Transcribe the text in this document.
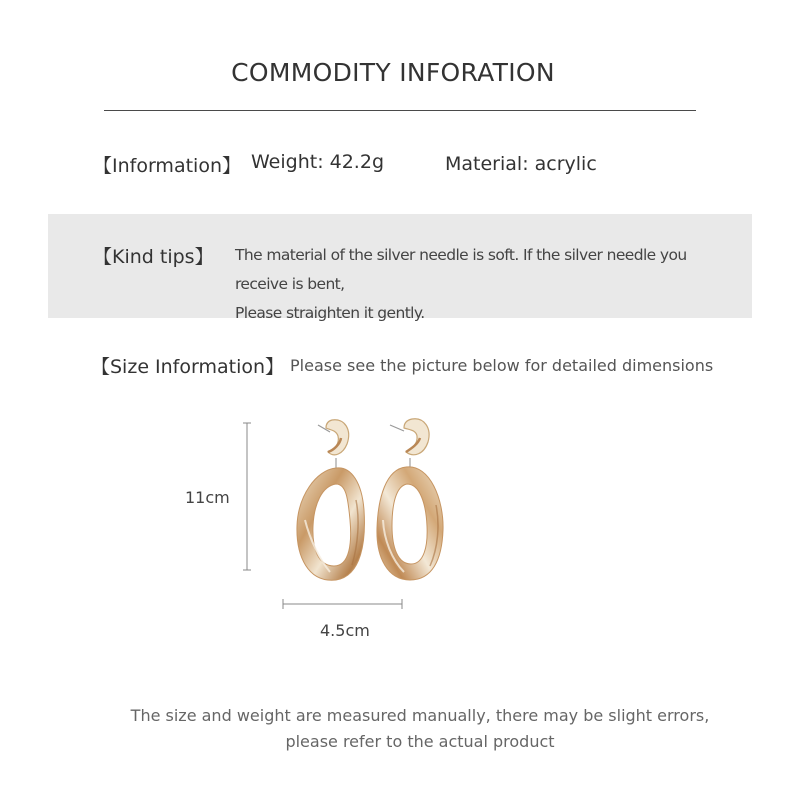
COMMODITY INFORATION
【Information】 Weight: 42.2g	Material: acrylic
【Kind tips】 The material of the silver needle is soft. If the silver needle you receive is bent,
Please straighten it gently.
【Size Information】 Please see the picture below for detailed dimensions
11cm
4.5cm
The size and weight are measured manually, there may be slight errors,
please refer to the actual product
